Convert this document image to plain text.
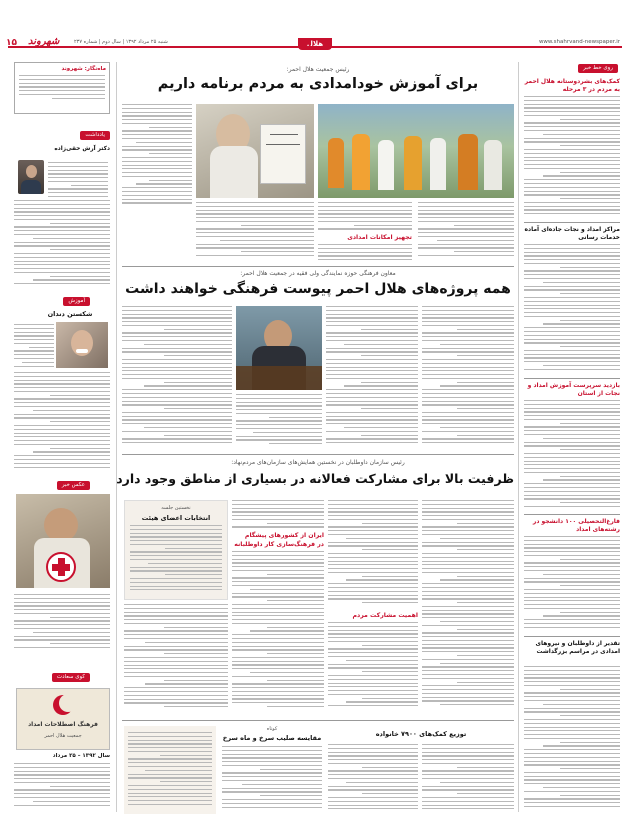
۱۵ شهروند	شنبه ۲۵ مرداد ۱۳۹۲ | سال دوم | شماره ۲۳۷	هلال	www.shahrvand-newspaper.ir
ماه‌نگار: شهروند
یادداشت
دکتر آرش حقی‌زاده
آموزش
شکستن دندان
عکس خبر
کوی سعادت
فرهنگ اصطلاحات امداد
جمعیت هلال احمر
سال ۱۳۹۲ – ۲۵ مرداد
رئیس جمعیت هلال احمر:
برای آموزش خودامدادی به مردم برنامه داریم
تجهیز امکانات امدادی
معاون فرهنگی حوزه نمایندگی ولی فقیه در جمعیت هلال احمر:
همه پروژه‌های هلال احمر پیوست فرهنگی خواهند داشت
رئیس سازمان داوطلبان در نخستین همایش‌های سازمان‌های مردم‌نهاد:
ظرفیت بالا برای مشارکت فعالانه در بسیاری از مناطق وجود دارد
نخستین جلسه
انتخابات اعضای هیئت
ایران از کشورهای پیشگام
در فرهنگ‌سازی کار داوطلبانه
اهمیت مشارکت مردم
کوتاه
مقایسه صلیب سرخ و ماه سرخ	توزیع کمک‌های ۷۹۰۰ خانواده
روی خط خبر
کمک‌های بشردوستانه هلال احمر به مردم در ۳ مرحله
مراکز امداد و نجات جاده‌ای آماده خدمات رسانی
بازدید سرپرست آموزش امداد و نجات از استان
فارغ‌التحصیلی ۱۰۰ دانشجو در رشته‌های امداد
تقدیر از داوطلبان و نیروهای امدادی در مراسم بزرگداشت
